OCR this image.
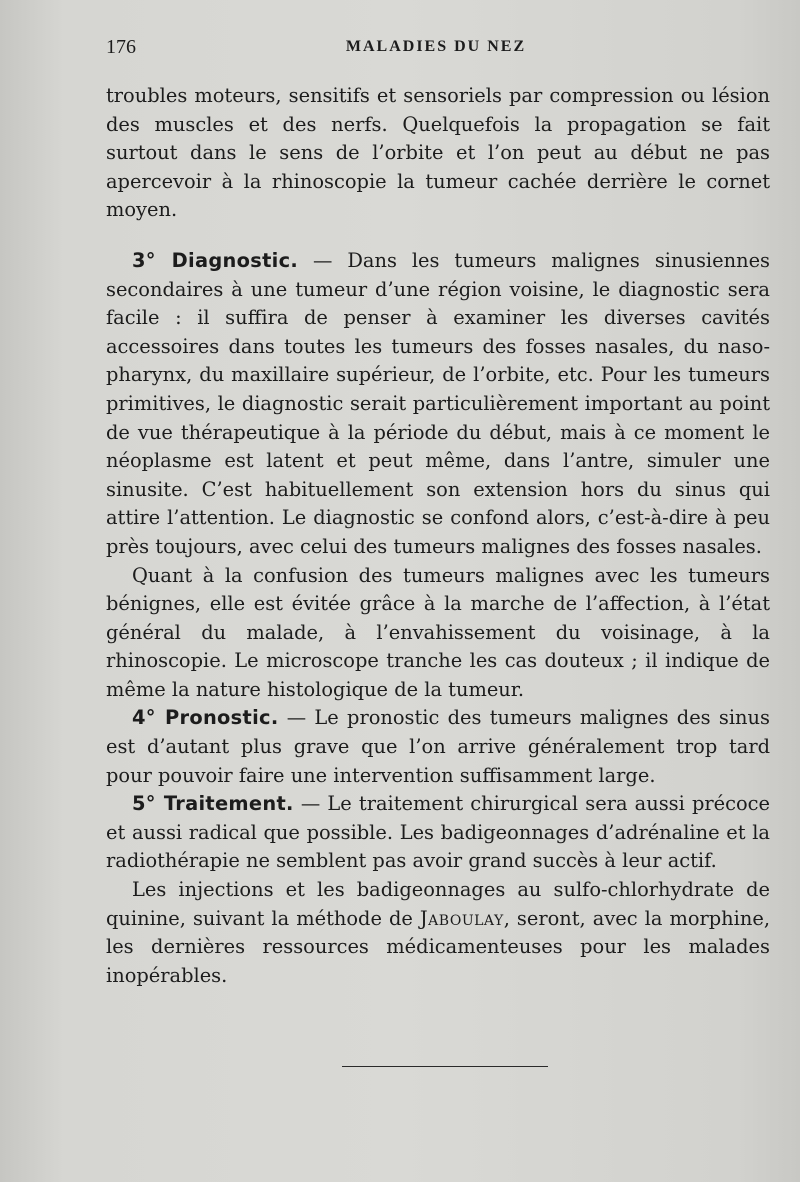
176	MALADIES DU NEZ

troubles moteurs, sensitifs et sensoriels par compression ou lésion des muscles et des nerfs. Quelquefois la propagation se fait surtout dans le sens de l’orbite et l’on peut au début ne pas apercevoir à la rhinoscopie la tumeur cachée derrière le cornet moyen.

3° Diagnostic. — Dans les tumeurs malignes sinusiennes secondaires à une tumeur d’une région voisine, le diagnostic sera facile : il suffira de penser à examiner les diverses cavités accessoires dans toutes les tumeurs des fosses nasales, du naso-pharynx, du maxillaire supérieur, de l’orbite, etc. Pour les tumeurs primitives, le diagnostic serait particulièrement important au point de vue thérapeutique à la période du début, mais à ce moment le néoplasme est latent et peut même, dans l’antre, simuler une sinusite. C’est habituellement son extension hors du sinus qui attire l’attention. Le diagnostic se confond alors, c’est-à-dire à peu près toujours, avec celui des tumeurs malignes des fosses nasales.

Quant à la confusion des tumeurs malignes avec les tumeurs bénignes, elle est évitée grâce à la marche de l’affection, à l’état général du malade, à l’envahissement du voisinage, à la rhinoscopie. Le microscope tranche les cas douteux ; il indique de même la nature histologique de la tumeur.

4° Pronostic. — Le pronostic des tumeurs malignes des sinus est d’autant plus grave que l’on arrive généralement trop tard pour pouvoir faire une intervention suffisamment large.

5° Traitement. — Le traitement chirurgical sera aussi précoce et aussi radical que possible. Les badigeonnages d’adrénaline et la radiothérapie ne semblent pas avoir grand succès à leur actif.

Les injections et les badigeonnages au sulfo-chlorhydrate de quinine, suivant la méthode de Jaboulay, seront, avec la morphine, les dernières ressources médicamenteuses pour les malades inopérables.
